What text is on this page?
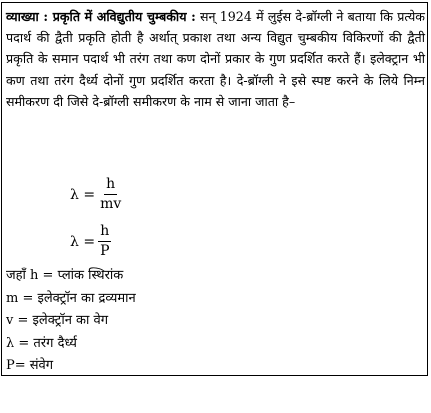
व्याख्या : प्रकृति में अविद्युतीय चुम्बकीय : सन् 1924 में लुईस दे-ब्रॉग्ली ने बताया कि प्रत्येक पदार्थ की द्वैती प्रकृति होती है अर्थात् प्रकाश तथा अन्य विद्युत चुम्बकीय विकिरणों की द्वैती प्रकृति के समान पदार्थ भी तरंग तथा कण दोनों प्रकार के गुण प्रदर्शित करते हैं। इलेक्ट्रान भी कण तथा तरंग दैर्ध्य दोनों गुण प्रदर्शित करता है। दे-ब्रॉग्ली ने इसे स्पष्ट करने के लिये निम्न समीकरण दी जिसे दे-ब्रॉग्ली समीकरण के नाम से जाना जाता है–

$\lambda = \frac{h}{mv}$
$\lambda = \frac{h}{P}$
जहाँ h = प्लांक स्थिरांक
m = इलेक्ट्रॉन का द्रव्यमान
v = इलेक्ट्रॉन का वेग
λ = तरंग दैर्ध्य
P= संवेग
